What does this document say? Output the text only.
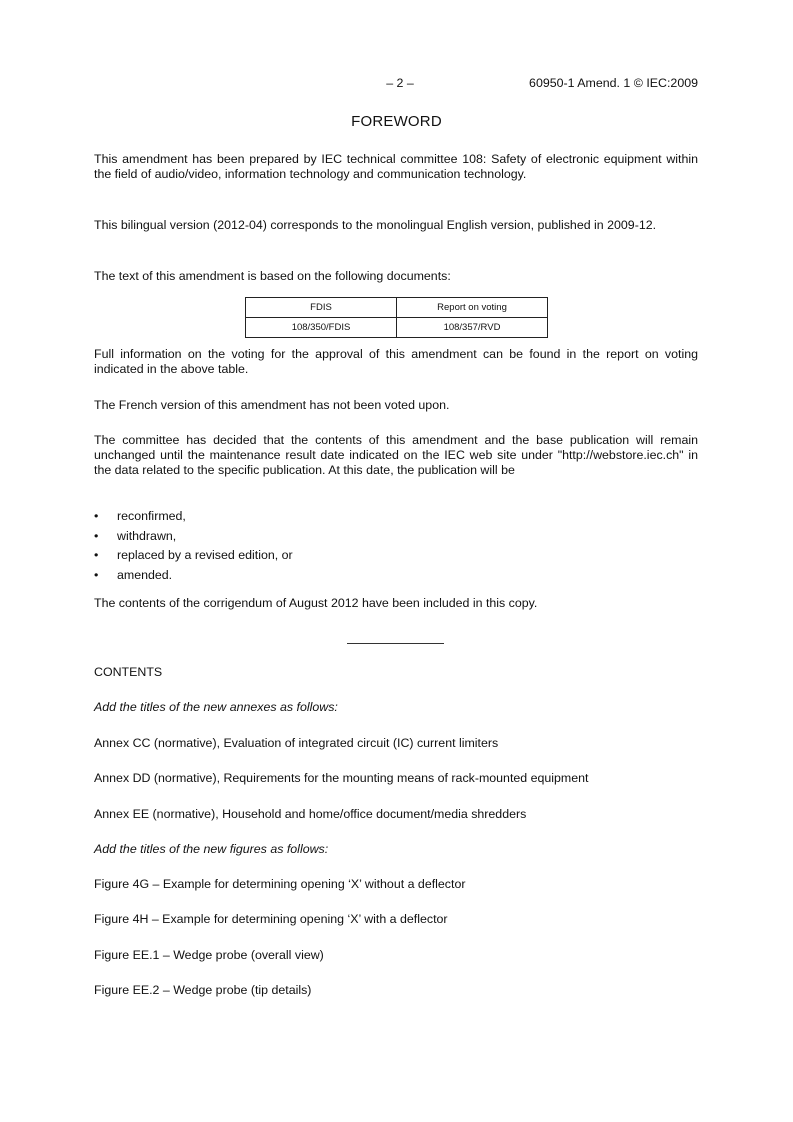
– 2 –	60950-1 Amend. 1 © IEC:2009
FOREWORD
This amendment has been prepared by IEC technical committee 108: Safety of electronic equipment within the field of audio/video, information technology and communication technology.
This bilingual version (2012-04) corresponds to the monolingual English version, published in 2009-12.
The text of this amendment is based on the following documents:
FDIS	Report on voting
108/350/FDIS	108/357/RVD
Full information on the voting for the approval of this amendment can be found in the report on voting indicated in the above table.
The French version of this amendment has not been voted upon.
The committee has decided that the contents of this amendment and the base publication will remain unchanged until the maintenance result date indicated on the IEC web site under "http://webstore.iec.ch" in the data related to the specific publication. At this date, the publication will be
• reconfirmed,
• withdrawn,
• replaced by a revised edition, or
• amended.
The contents of the corrigendum of August 2012 have been included in this copy.
CONTENTS
Add the titles of the new annexes as follows:
Annex CC (normative), Evaluation of integrated circuit (IC) current limiters
Annex DD (normative), Requirements for the mounting means of rack-mounted equipment
Annex EE (normative), Household and home/office document/media shredders
Add the titles of the new figures as follows:
Figure 4G – Example for determining opening ‘X’ without a deflector
Figure 4H – Example for determining opening ‘X’ with a deflector
Figure EE.1 – Wedge probe (overall view)
Figure EE.2 – Wedge probe (tip details)
